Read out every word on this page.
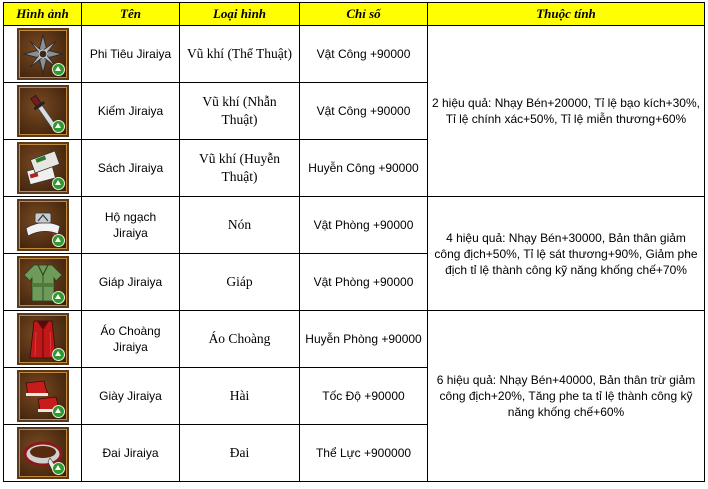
Hình ảnh	Tên	Loại hình	Chỉ số	Thuộc tính

	Phi Tiêu Jiraiya	Vũ khí (Thể Thuật)	Vật Công +90000	2 hiệu quả: Nhạy Bén+20000, Tỉ lệ bạo kích+30%, Tỉ lệ chính xác+50%, Tỉ lệ miễn thương+60%

	Kiếm Jiraiya	Vũ khí (Nhẫn Thuật)	Vật Công +90000	

	Sách Jiraiya	Vũ khí (Huyễn Thuật)	Huyễn Công +90000	

	Hộ ngạch Jiraiya	Nón	Vật Phòng +90000	4 hiệu quả: Nhạy Bén+30000, Bản thân giảm công địch+50%, Tỉ lệ sát thương+90%, Giảm phe địch tỉ lệ thành công kỹ năng khống chế+70%

	Giáp Jiraiya	Giáp	Vật Phòng +90000	

	Áo Choàng Jiraiya	Áo Choàng	Huyễn Phòng +90000	6 hiệu quả: Nhạy Bén+40000, Bản thân trừ giảm công địch+20%, Tăng phe ta tỉ lệ thành công kỹ năng khống chế+60%

	Giày Jiraiya	Hài	Tốc Độ +90000	

	Đai Jiraiya	Đai	Thể Lực +900000	
